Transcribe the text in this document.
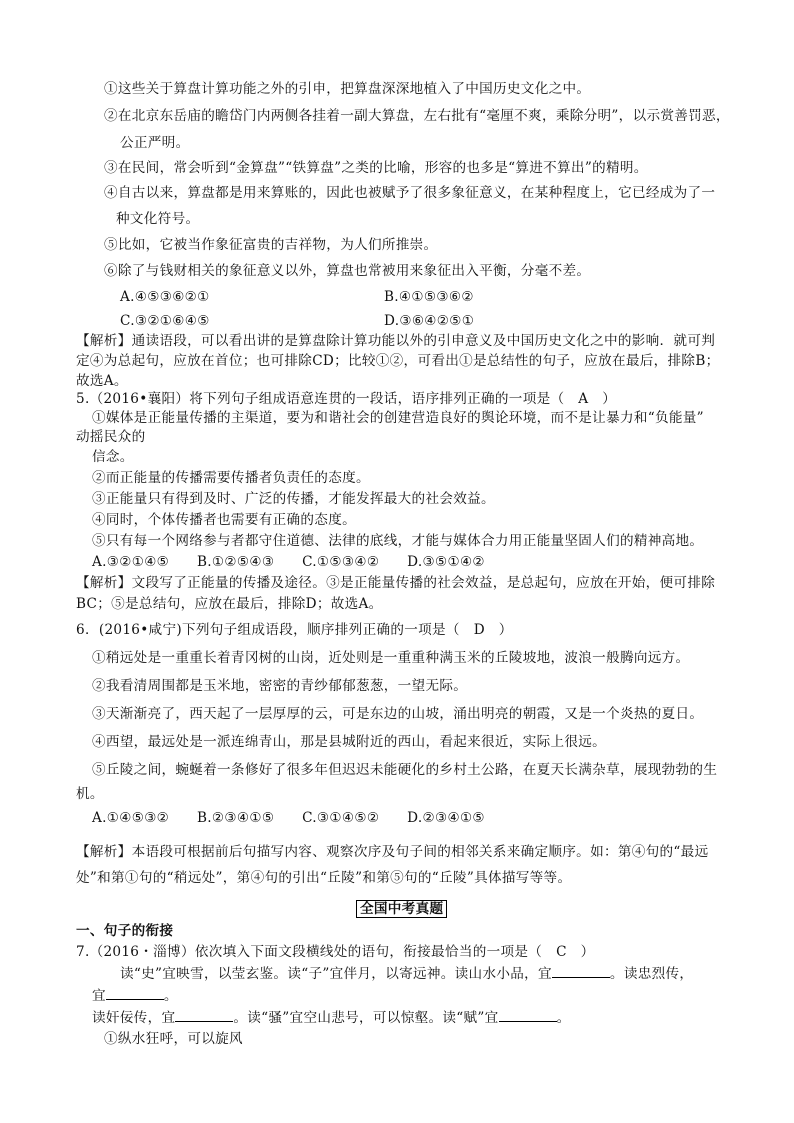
①这些关于算盘计算功能之外的引申，把算盘深深地植入了中国历史文化之中。
②在北京东岳庙的瞻岱门内两侧各挂着一副大算盘，左右批有“毫厘不爽，乘除分明”，以示赏善罚恶，
公正严明。
③在民间，常会听到“金算盘”“铁算盘”之类的比喻，形容的也多是“算进不算出”的精明。
④自古以来，算盘都是用来算账的，因此也被赋予了很多象征意义，在某种程度上，它已经成为了一
种文化符号。
⑤比如，它被当作象征富贵的吉祥物，为人们所推崇。
⑥除了与钱财相关的象征意义以外，算盘也常被用来象征出入平衡，分毫不差。
A.④⑤③⑥②①	B.④①⑤③⑥②
C.③②①⑥④⑤	D.③⑥④②⑤①
【解析】通读语段，可以看出讲的是算盘除计算功能以外的引申意义及中国历史文化之中的影响．就可判
定④为总起句，应放在首位；也可排除CD；比较①②，可看出①是总结性的句子，应放在最后，排除B；
故选A。
5.（2016•襄阳）将下列句子组成语意连贯的一段话，语序排列正确的一项是（　A　）
①媒体是正能量传播的主渠道，要为和谐社会的创建营造良好的舆论环境，而不是让暴力和“负能量”
动摇民众的
信念。
②而正能量的传播需要传播者负责任的态度。
③正能量只有得到及时、广泛的传播，才能发挥最大的社会效益。
④同时，个体传播者也需要有正确的态度。
⑤只有每一个网络参与者都守住道德、法律的底线，才能与媒体合力用正能量坚固人们的精神高地。
A.③②①④⑤　　B.①②⑤④③　　C.①⑤③④②　　D.③⑤①④②
【解析】文段写了正能量的传播及途径。③是正能量传播的社会效益，是总起句，应放在开始，便可排除
BC；⑤是总结句，应放在最后，排除D；故选A。
6．(2016•咸宁)下列句子组成语段，顺序排列正确的一项是（　D　）
①稍远处是一重重长着青冈树的山岗，近处则是一重重种满玉米的丘陵坡地，波浪一般腾向远方。
②我看清周围都是玉米地，密密的青纱郁郁葱葱，一望无际。
③天渐渐亮了，西天起了一层厚厚的云，可是东边的山坡，涌出明亮的朝霞，又是一个炎热的夏日。
④西望，最远处是一派连绵青山，那是县城附近的西山，看起来很近，实际上很远。
⑤丘陵之间，蜿蜒着一条修好了很多年但迟迟未能硬化的乡村土公路，在夏天长满杂草，展现勃勃的生
机。
A.①④⑤③②　　B.②③④①⑤　　C.③①④⑤②　　D.②③④①⑤
【解析】本语段可根据前后句描写内容、观察次序及句子间的相邻关系来确定顺序。如：第④句的“最远
处”和第①句的“稍远处”，第④句的引出“丘陵”和第⑤句的“丘陵”具体描写等等。
全国中考真题
一、句子的衔接
7.（2016・淄博）依次填入下面文段横线处的语句，衔接最恰当的一项是（　C　）
读“史”宜映雪，以莹玄鉴。读“子”宜伴月，以寄远神。读山水小品，宜	。读忠烈传，
宜	。
读奸佞传，宜	。读“骚”宜空山悲号，可以惊壑。读“赋”宜	。
①纵水狂呼，可以旋风
